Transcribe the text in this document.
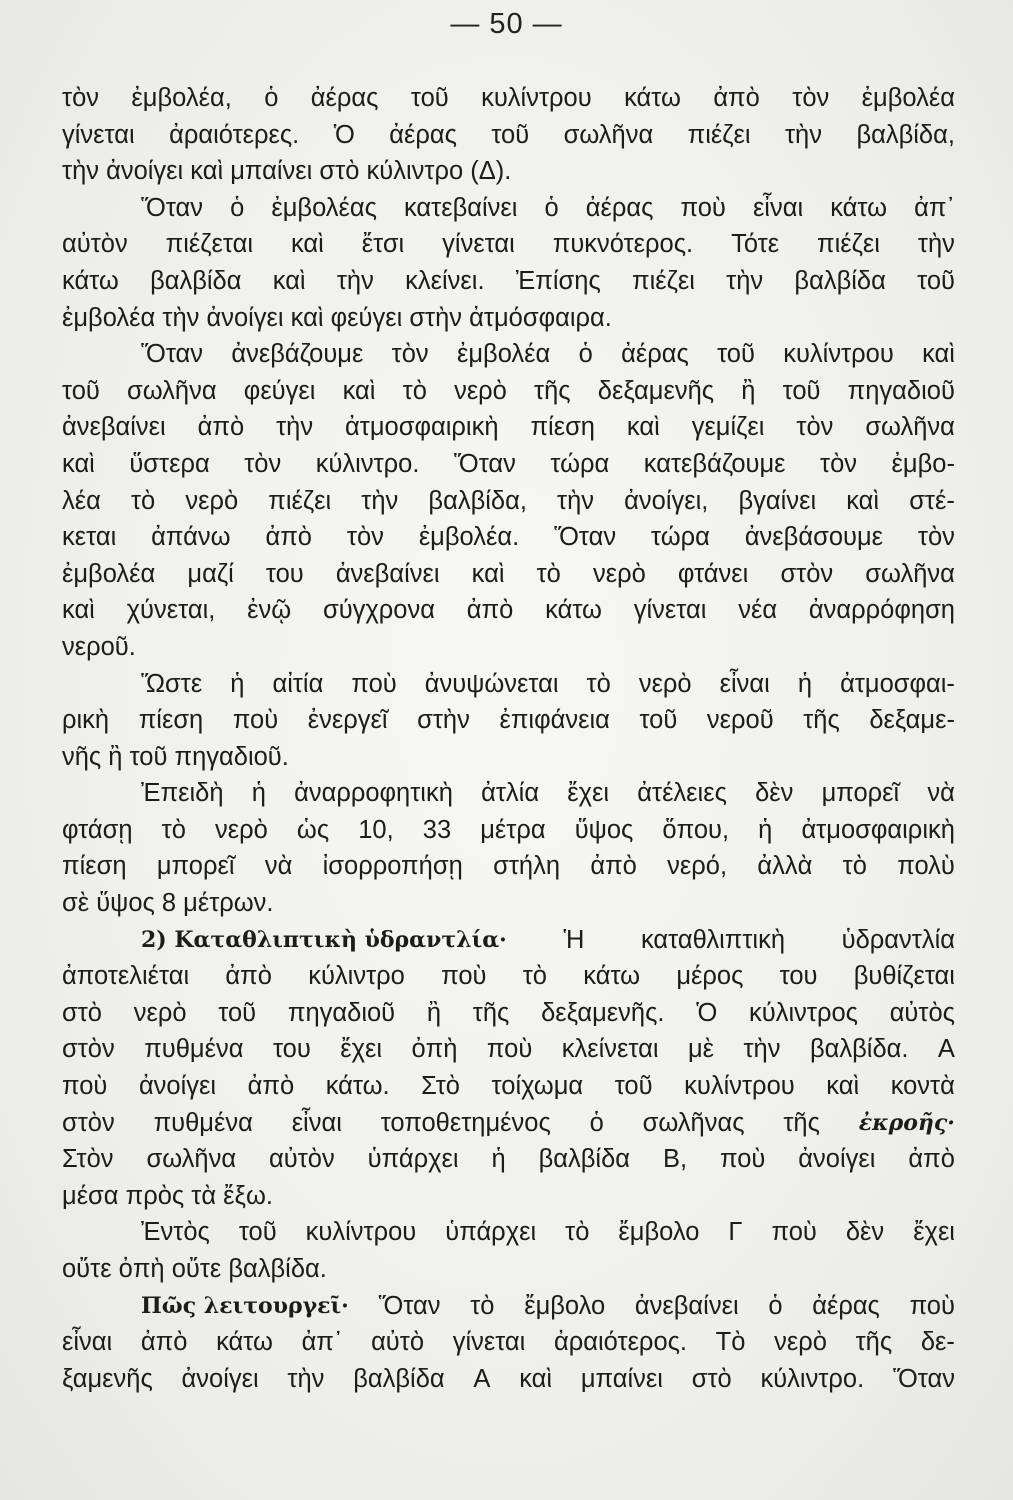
— 50 —
τὸν ἐμβολέα, ὁ ἀέρας τοῦ κυλίντρου κάτω ἀπὸ τὸν ἐμβολέα
γίνεται ἀραιότερες. Ὁ ἀέρας τοῦ σωλῆνα πιέζει τὴν βαλβίδα,
τὴν ἀνοίγει καὶ μπαίνει στὸ κύλιντρο (Δ).
Ὅταν ὁ ἐμβολέας κατεβαίνει ὁ ἀέρας ποὺ εἶναι κάτω ἀπ᾿
αὐτὸν πιέζεται καὶ ἔτσι γίνεται πυκνότερος. Τότε πιέζει τὴν
κάτω βαλβίδα καὶ τὴν κλείνει. Ἐπίσης πιέζει τὴν βαλβίδα τοῦ
ἐμβολέα τὴν ἀνοίγει καὶ φεύγει στὴν ἀτμόσφαιρα.
Ὅταν ἀνεβάζουμε τὸν ἐμβολέα ὁ ἀέρας τοῦ κυλίντρου καὶ
τοῦ σωλῆνα φεύγει καὶ τὸ νερὸ τῆς δεξαμενῆς ἢ τοῦ πηγαδιοῦ
ἀνεβαίνει ἀπὸ τὴν ἀτμοσφαιρικὴ πίεση καὶ γεμίζει τὸν σωλῆνα
καὶ ὕστερα τὸν κύλιντρο. Ὅταν τώρα κατεβάζουμε τὸν ἐμβο-
λέα τὸ νερὸ πιέζει τὴν βαλβίδα, τὴν ἀνοίγει, βγαίνει καὶ στέ-
κεται ἀπάνω ἀπὸ τὸν ἐμβολέα. Ὅταν τώρα ἀνεβάσουμε τὸν
ἐμβολέα μαζί του ἀνεβαίνει καὶ τὸ νερὸ φτάνει στὸν σωλῆνα
καὶ χύνεται, ἐνῷ σύγχρονα ἀπὸ κάτω γίνεται νέα ἀναρρόφηση
νεροῦ.
Ὥστε ἡ αἰτία ποὺ ἀνυψώνεται τὸ νερὸ εἶναι ἡ ἀτμοσφαι-
ρικὴ πίεση ποὺ ἐνεργεῖ στὴν ἐπιφάνεια τοῦ νεροῦ τῆς δεξαμε-
νῆς ἢ τοῦ πηγαδιοῦ.
Ἐπειδὴ ἡ ἀναρροφητικὴ ἀτλία ἔχει ἀτέλειες δὲν μπορεῖ νὰ
φτάσῃ τὸ νερὸ ὡς 10, 33 μέτρα ὕψος ὅπου, ἡ ἀτμοσφαιρικὴ
πίεση μπορεῖ νὰ ἰσορροπήσῃ στήλη ἀπὸ νερό, ἀλλὰ τὸ πολὺ
σὲ ὕψος 8 μέτρων.
2) Καταθλιπτικὴ ὑδραντλία· Ἡ καταθλιπτικὴ ὑδραντλία
ἀποτελιέται ἀπὸ κύλιντρο ποὺ τὸ κάτω μέρος του βυθίζεται
στὸ νερὸ τοῦ πηγαδιοῦ ἢ τῆς δεξαμενῆς. Ὁ κύλιντρος αὐτὸς
στὸν πυθμένα του ἔχει ὀπὴ ποὺ κλείνεται μὲ τὴν βαλβίδα. Α
ποὺ ἀνοίγει ἀπὸ κάτω. Στὸ τοίχωμα τοῦ κυλίντρου καὶ κοντὰ
στὸν πυθμένα εἶναι τοποθετημένος ὁ σωλῆνας τῆς ἐκροῆς·
Στὸν σωλῆνα αὐτὸν ὑπάρχει ἡ βαλβίδα Β, ποὺ ἀνοίγει ἀπὸ
μέσα πρὸς τὰ ἔξω.
Ἐντὸς τοῦ κυλίντρου ὑπάρχει τὸ ἔμβολο Γ ποὺ δὲν ἔχει
οὔτε ὀπὴ οὔτε βαλβίδα.
Πῶς λειτουργεῖ· Ὅταν τὸ ἔμβολο ἀνεβαίνει ὁ ἀέρας ποὺ
εἶναι ἀπὸ κάτω ἀπ᾿ αὐτὸ γίνεται ἀραιότερος. Τὸ νερὸ τῆς δε-
ξαμενῆς ἀνοίγει τὴν βαλβίδα Α καὶ μπαίνει στὸ κύλιντρο. Ὅταν
